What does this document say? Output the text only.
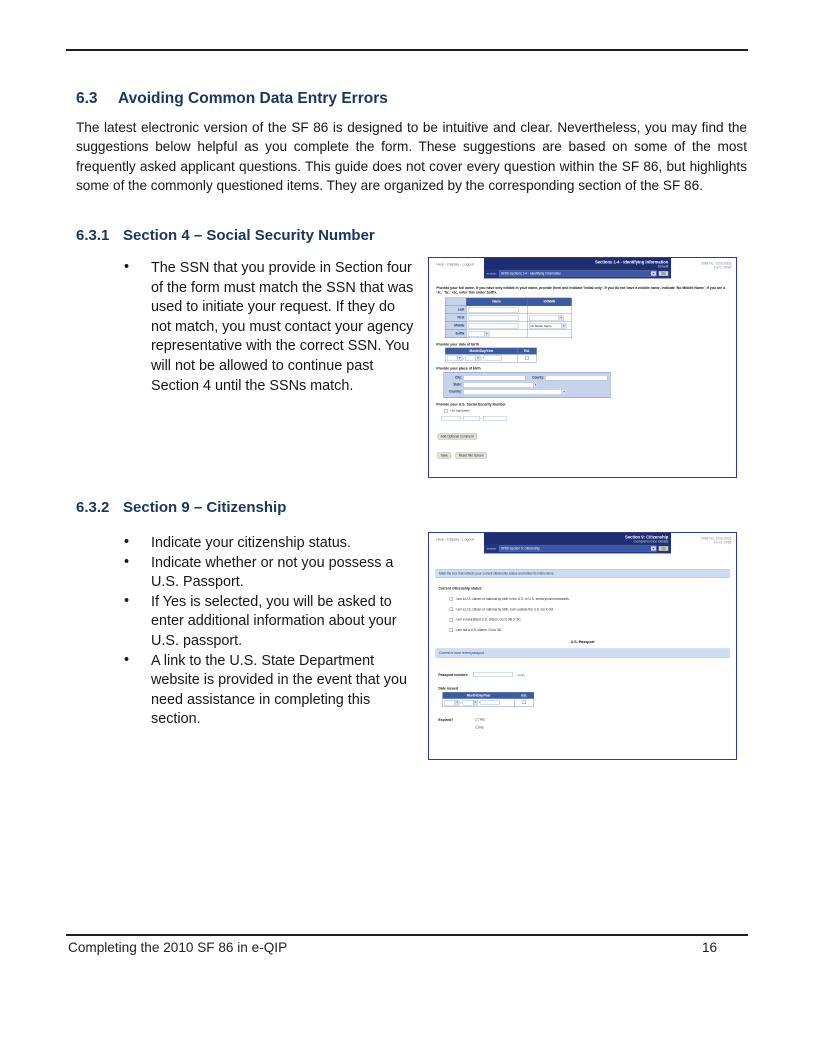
6.3 Avoiding Common Data Entry Errors
The latest electronic version of the SF 86 is designed to be intuitive and clear. Nevertheless, you may find the suggestions below helpful as you complete the form. These suggestions are based on some of the most frequently asked applicant questions. This guide does not cover every question within the SF 86, but highlights some of the commonly questioned items. They are organized by the corresponding section of the SF 86.
6.3.1 Section 4 – Social Security Number
• The SSN that you provide in Section four of the form must match the SSN that was used to initiate your request. If they do not match, you must contact your agency representative with the correct SSN. You will not be allowed to continue past Section 4 until the SSNs match.
Help - Display - Logout	OMB No. 3206-0005
Form: SF86
Sections 1-4 - Identifying Information
Default
section: SF86 Sections 1-4 - Identifying Information	▼ Go
Provide your full name. If you have only initials in your name, provide them and indicate 'Initial only'. If you do not have a middle name, indicate 'No Middle Name'. If you are a 'Jr.,' 'Sr.,' etc, enter this under Suffix.
	Name	IO/NMN
Last		
First		▼

Middle		No Middle Name ▼

Suffix	▼	

Provide your date of birth
Month/Day/Year	Est.

▼ / ▼ /	
Provide your place of birth
City:	County:
State:	▼
Country:	▼
Provide your U.S. Social Security Number
Not Applicable
- -
Add Optional Comment
Save Reset this Screen
6.3.2 Section 9 – Citizenship
• Indicate your citizenship status.
• Indicate whether or not you possess a U.S. Passport.
• If Yes is selected, you will be asked to enter additional information about your U.S. passport.
• A link to the U.S. State Department website is provided in the event that you need assistance in completing this section.
Help - Display - Logout	OMB No. 3206-0005
Form: SF86
Section 9: Citizenship
Comprehension Details
section: SF86 Section 9: Citizenship	▼ Go
Mark the box that reflects your current citizenship status and follow its instructions.
Current citizenship status:
I am a U.S. citizen or national by birth in the U.S. or U.S. territory/commonwealth.
I am a U.S. citizen or national by birth, born outside the U.S. Go to 9A.
I am a naturalized U.S. citizen. Go to 9B or 9C.
I am not a U.S. citizen. Go to 9D.
U.S. Passport
Current or most recent passport
Passport number:	(Help)
Date issued
Month/Day/Year	Est.

▼ / ▼ /	
Expired?	Yes
No
Completing the 2010 SF 86 in e-QIP	16
